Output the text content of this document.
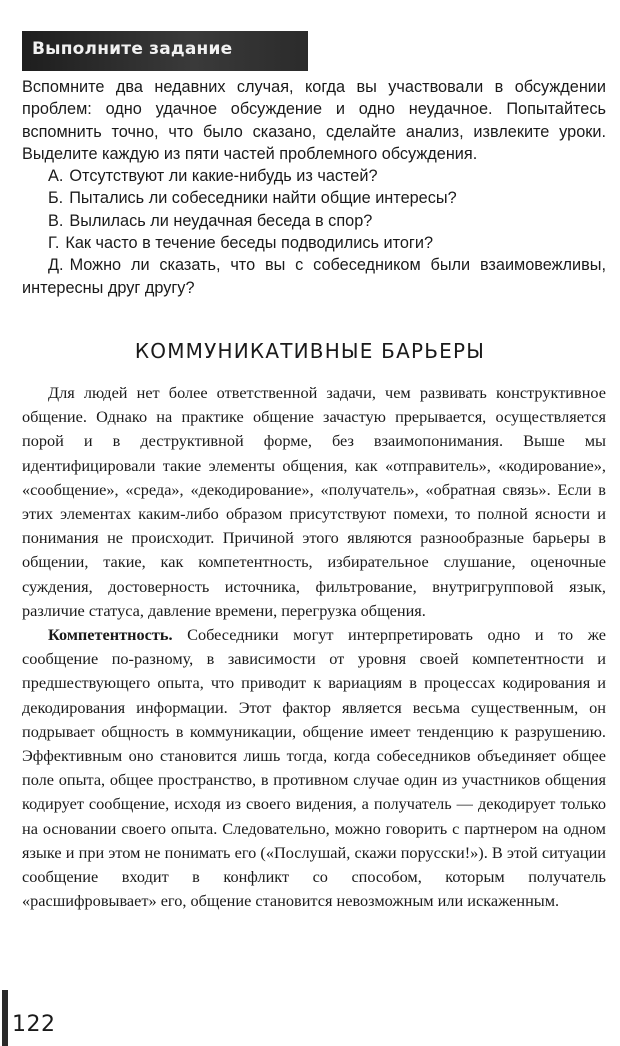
Выполните задание

Вспомните два недавних случая, когда вы участвовали в обсуждении проблем: одно удачное обсуждение и одно неудачное. Попытайтесь вспомнить точно, что было сказано, сделайте анализ, извлеките уроки. Выделите каждую из пяти частей проблемного обсуждения.

А. Отсутствуют ли какие-нибудь из частей?
Б. Пытались ли собеседники найти общие интересы?
В. Вылилась ли неудачная беседа в спор?
Г. Как часто в течение беседы подводились итоги?
Д. Можно ли сказать, что вы с собеседником были взаимовежливы, интересны друг другу?
КОММУНИКАТИВНЫЕ БАРЬЕРЫ

Для людей нет более ответственной задачи, чем развивать конструктивное общение. Однако на практике общение зачастую прерывается, осуществляется порой и в деструктивной форме, без взаимопонимания. Выше мы идентифицировали такие элементы общения, как «отправитель», «кодирование», «сообщение», «среда», «декодирование», «получатель», «обратная связь». Если в этих элементах каким-либо образом присутствуют помехи, то полной ясности и понимания не происходит. Причиной этого являются разнообразные барьеры в общении, такие, как компетентность, избирательное слушание, оценочные суждения, достоверность источника, фильтрование, внутригрупповой язык, различие статуса, давление времени, перегрузка общения.

Компетентность. Собеседники могут интерпретировать одно и то же сообщение по-разному, в зависимости от уровня своей компетентности и предшествующего опыта, что приводит к вариациям в процессах кодирования и декодирования информации. Этот фактор является весьма существенным, он подрывает общность в коммуникации, общение имеет тенденцию к разрушению. Эффективным оно становится лишь тогда, когда собеседников объединяет общее поле опыта, общее пространство, в противном случае один из участников общения кодирует сообщение, исходя из своего видения, а получатель — декодирует только на основании своего опыта. Следовательно, можно говорить с партнером на одном языке и при этом не понимать его («Послушай, скажи порусски!»). В этой ситуации сообщение входит в конфликт со способом, которым получатель «расшифровывает» его, общение становится невозможным или искаженным.

122
